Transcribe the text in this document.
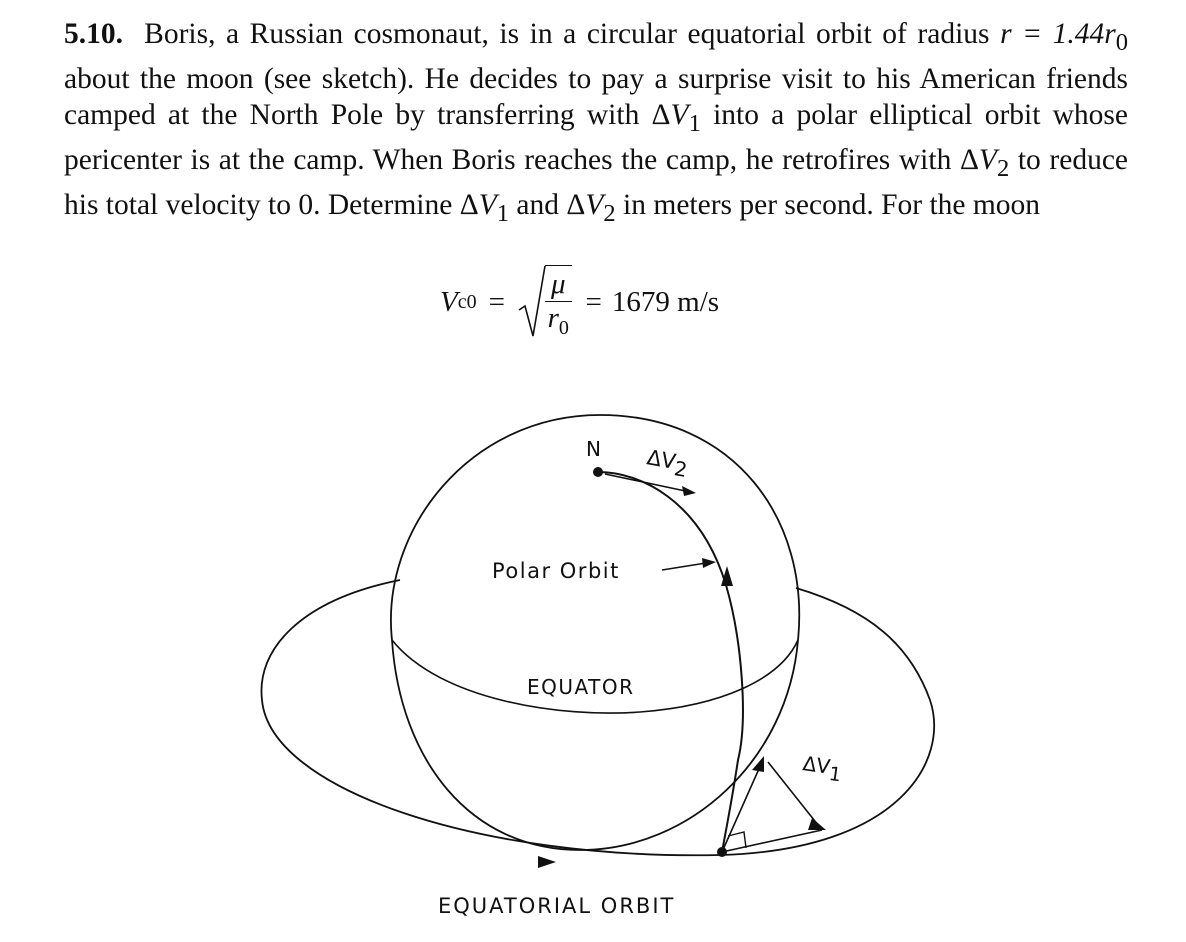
5.10. Boris, a Russian cosmonaut, is in a circular equatorial orbit of radius $r = 1.44r_0$ about the moon (see sketch). He decides to pay a surprise visit to his American friends camped at the North Pole by transferring with $\Delta V_1$ into a polar elliptical orbit whose pericenter is at the camp. When Boris reaches the camp, he retrofires with $\Delta V_2$ to reduce his total velocity to 0. Determine $\Delta V_1$ and $\Delta V_2$ in meters per second. For the moon
V $c0 = \frac{\mu}{r_0} = 1679$ m/s
N ΔV2
Polar Orbit
EQUATOR
ΔV1
EQUATORIAL ORBIT
